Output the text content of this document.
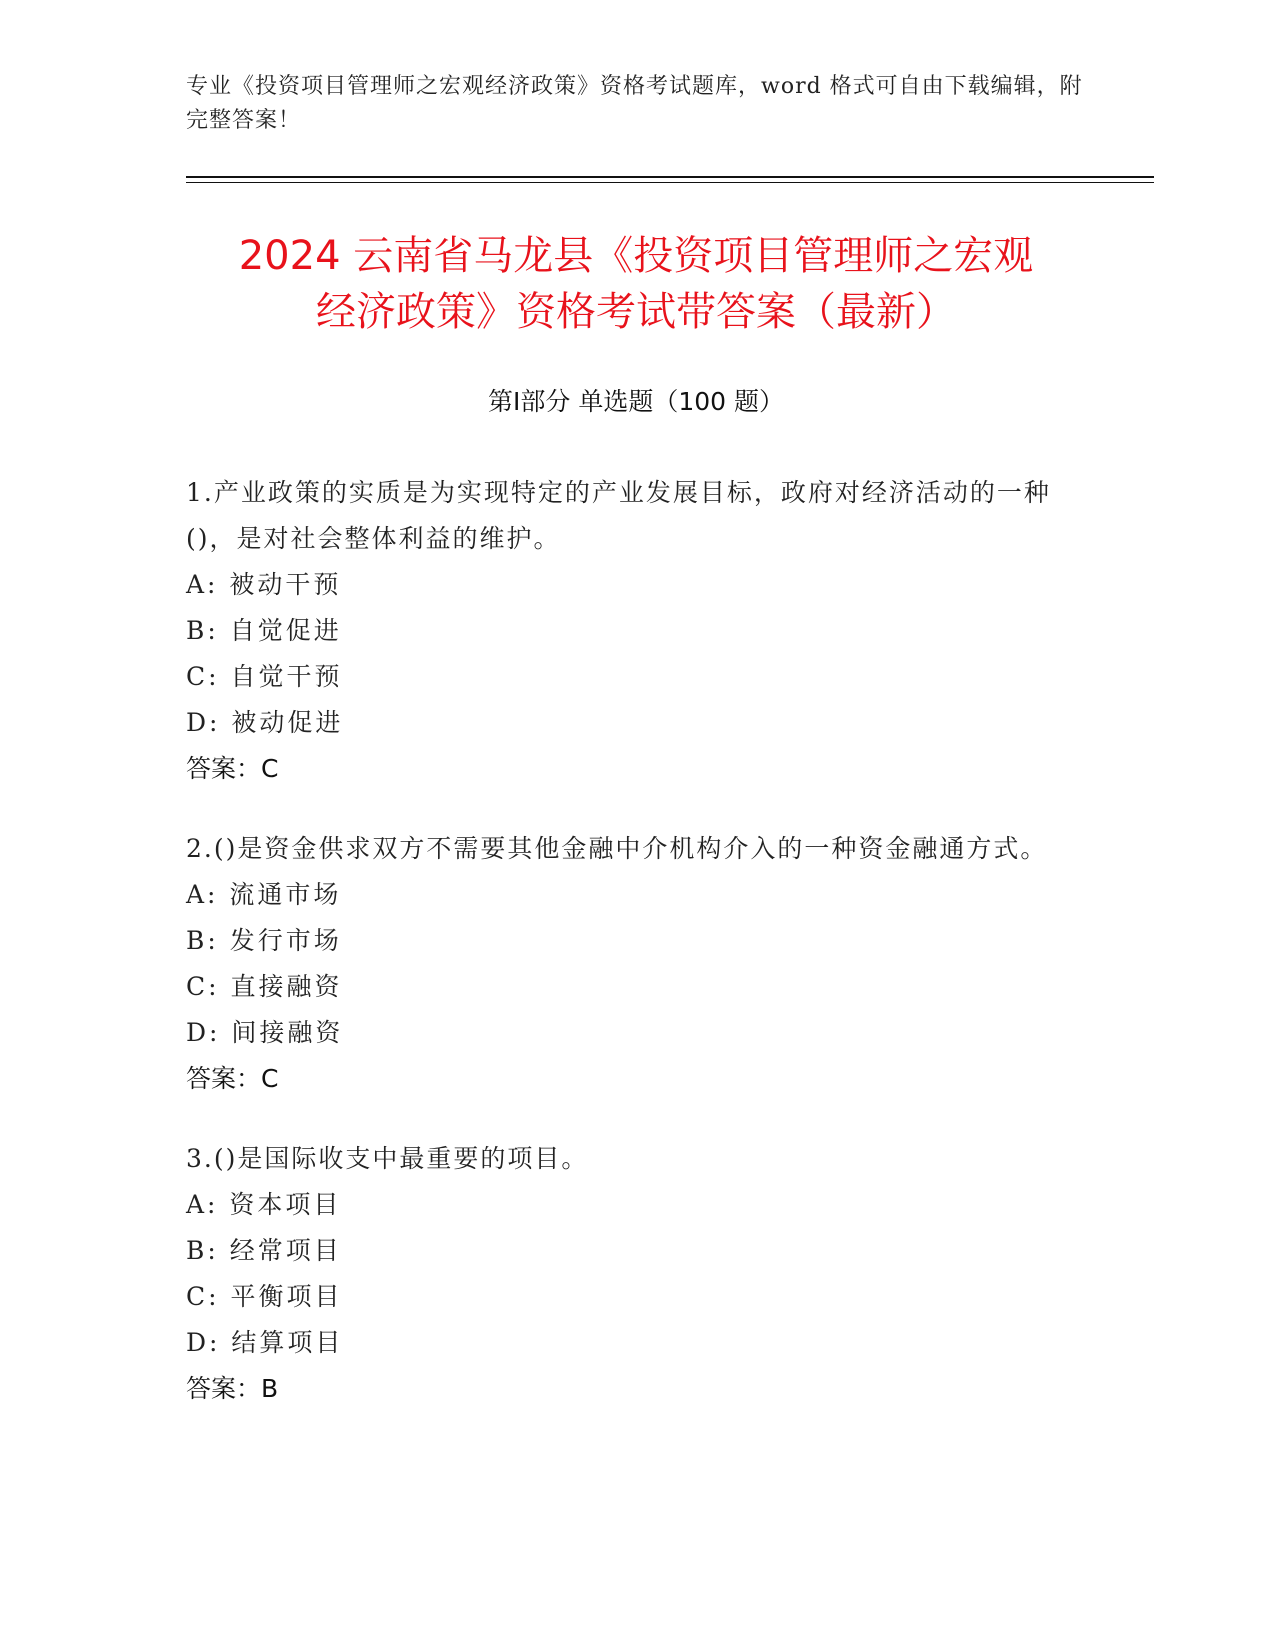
专业《投资项目管理师之宏观经济政策》资格考试题库，word 格式可自由下载编辑，附完整答案！
2024 云南省马龙县《投资项目管理师之宏观
经济政策》资格考试带答案（最新）
第Ⅰ部分 单选题（100 题）
1.产业政策的实质是为实现特定的产业发展目标，政府对经济活动的一种()，是对社会整体利益的维护。
A: 被动干预
B: 自觉促进
C: 自觉干预
D: 被动促进
答案：C
2.()是资金供求双方不需要其他金融中介机构介入的一种资金融通方式。
A: 流通市场
B: 发行市场
C: 直接融资
D: 间接融资
答案：C
3.()是国际收支中最重要的项目。
A: 资本项目
B: 经常项目
C: 平衡项目
D: 结算项目
答案：B
